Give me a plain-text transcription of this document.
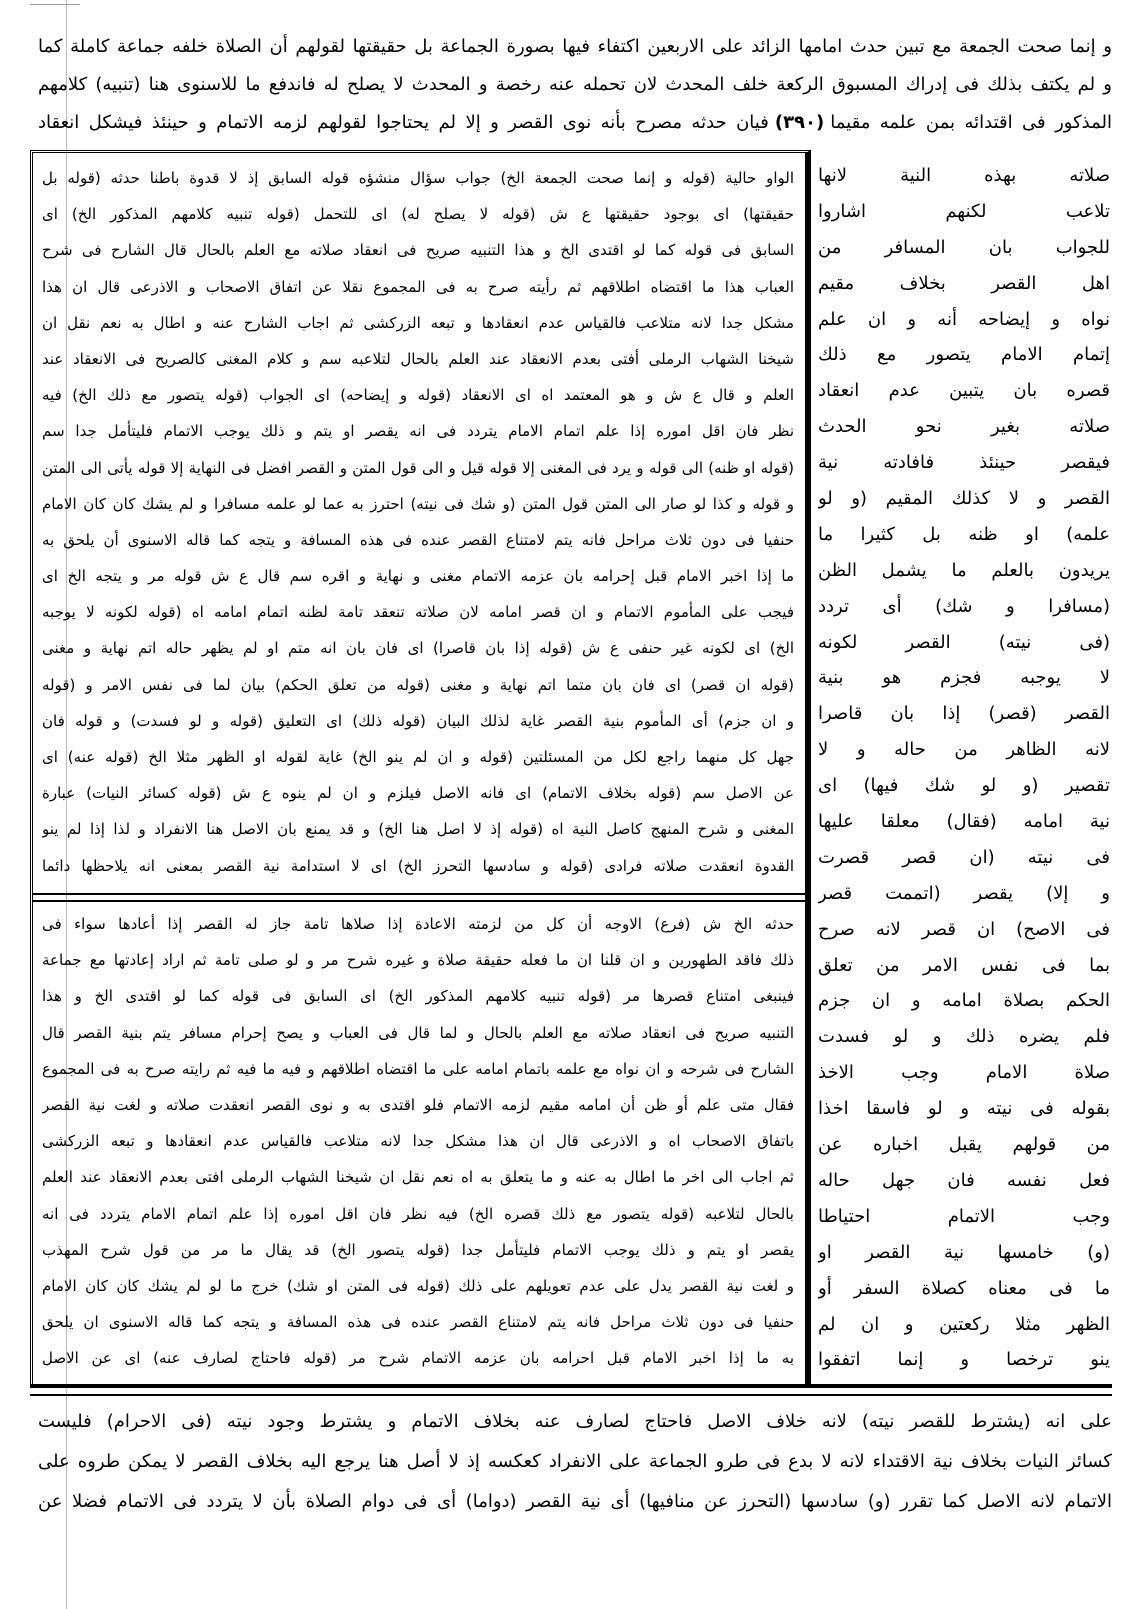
و إنما صحت الجمعة مع تبين حدث امامها الزائد على الاربعين اكتفاء فيها بصورة الجماعة بل حقيقتها لقولهم أن الصلاة خلفه جماعة كاملة كما
و لم يكتف بذلك فى إدراك المسبوق الركعة خلف المحدث لان تحمله عنه رخصة و المحدث لا يصلح له فاندفع ما للاسنوى هنا (تنبيه) كلامهم
المذكور فى اقتدائه بمن علمه مقيما(٣٩٠)فيان حدثه مصرح بأنه نوى القصر و إلا لم يحتاجوا لقولهم لزمه الاتمام و حينئذ فيشكل انعقاد
الواو حالية (قوله و إنما صحت الجمعة الخ) جواب سؤال منشؤه قوله السابق إذ لا قدوة باطنا حدثه (قوله بل
حقيقتها) اى بوجود حقيقتها ع ش (قوله لا يصلح له) اى للتحمل (قوله تنبيه كلامهم المذكور الخ) اى
السابق فى قوله كما لو اقتدى الخ و هذا التنبيه صريح فى انعقاد صلاته مع العلم بالحال قال الشارح فى شرح
العباب هذا ما اقتضاه اطلاقهم ثم رأيته صرح به فى المجموع نقلا عن اتفاق الاصحاب و الاذرعى قال ان هذا
مشكل جدا لانه متلاعب فالقياس عدم انعقادها و تبعه الزركشى ثم اجاب الشارح عنه و اطال به نعم نقل ان
شيخنا الشهاب الرملى أفتى بعدم الانعقاد عند العلم بالحال لتلاعبه سم و كلام المغنى كالصريح فى الانعقاد عند
العلم و قال ع ش و هو المعتمد اه اى الانعقاد (قوله و إيضاحه) اى الجواب (قوله يتصور مع ذلك الخ) فيه
نظر فان اقل اموره إذا علم اتمام الامام يتردد فى انه يقصر او يتم و ذلك يوجب الاتمام فليتأمل جدا سم
(قوله او ظنه) الى قوله و يرد فى المغنى إلا قوله قيل و الى قول المتن و القصر افضل فى النهاية إلا قوله يأتى الى المتن
و قوله و كذا لو صار الى المتن قول المتن (و شك فى نيته) احترز به عما لو علمه مسافرا و لم يشك كان كان الامام
حنفيا فى دون ثلاث مراحل فانه يتم لامتناع القصر عنده فى هذه المسافة و يتجه كما قاله الاسنوى أن يلحق به
ما إذا اخبر الامام قبل إحرامه بان عزمه الاتمام مغنى و نهاية و اقره سم قال ع ش قوله مر و يتجه الخ اى
فيجب على المأموم الاتمام و ان قصر امامه لان صلاته تنعقد تامة لظنه اتمام امامه اه (قوله لكونه لا يوجبه
الخ) اى لكونه غير حنفى ع ش (قوله إذا بان قاصرا) اى فان بان انه متم او لم يظهر حاله اتم نهاية و مغنى
(قوله ان قصر) اى فان بان متما اتم نهاية و مغنى (قوله من تعلق الحكم) بيان لما فى نفس الامر و (قوله
و ان جزم) أى المأموم بنية القصر غاية لذلك البيان (قوله ذلك) اى التعليق (قوله و لو فسدت) و قوله فان
جهل كل منهما راجع لكل من المسئلتين (قوله و ان لم ينو الخ) غاية لقوله او الظهر مثلا الخ (قوله عنه) اى
عن الاصل سم (قوله بخلاف الاتمام) اى فانه الاصل فيلزم و ان لم ينوه ع ش (قوله كسائر النيات) عبارة
المغنى و شرح المنهج كاصل النية اه (قوله إذ لا اصل هنا الخ) و قد يمنع بان الاصل هنا الانفراد و لذا إذا لم ينو
القدوة انعقدت صلاته فرادى (قوله و سادسها التحرز الخ) اى لا استدامة نية القصر بمعنى انه يلاحظها دائما
حدثه الخ ش (فرع) الاوجه أن كل من لزمته الاعادة إذا صلاها تامة جاز له القصر إذا أعادها سواء فى
ذلك فاقد الطهورين و ان قلنا ان ما فعله حقيقة صلاة و غيره شرح مر و لو صلى تامة ثم اراد إعادتها مع جماعة
فينبغى امتناع قصرها مر (قوله تنبيه كلامهم المذكور الخ) اى السابق فى قوله كما لو اقتدى الخ و هذا
التنبيه صريح فى انعقاد صلاته مع العلم بالحال و لما قال فى العباب و يصح إحرام مسافر يتم بنية القصر قال
الشارح فى شرحه و ان نواه مع علمه باتمام امامه على ما اقتضاه اطلاقهم و فيه ما فيه ثم رايته صرح به فى المجموع
فقال متى علم أو ظن أن امامه مقيم لزمه الاتمام فلو اقتدى به و نوى القصر انعقدت صلاته و لغت نية القصر
باتفاق الاصحاب اه و الاذرعى قال ان هذا مشكل جدا لانه متلاعب فالقياس عدم انعقادها و تبعه الزركشى
ثم اجاب الى اخر ما اطال به عنه و ما يتعلق به اه نعم نقل ان شيخنا الشهاب الرملى افتى بعدم الانعقاد عند العلم
بالحال لتلاعبه (قوله يتصور مع ذلك قصره الخ) فيه نظر فان اقل اموره إذا علم اتمام الامام يتردد فى انه
يقصر او يتم و ذلك يوجب الاتمام فليتأمل جدا (قوله يتصور الخ) قد يقال ما مر من قول شرح المهذب
و لغت نية القصر يدل على عدم تعويلهم على ذلك (قوله فى المتن او شك) خرج ما لو لم يشك كان كان الامام
حنفيا فى دون ثلاث مراحل فانه يتم لامتناع القصر عنده فى هذه المسافة و يتجه كما قاله الاسنوى ان يلحق
به ما إذا اخبر الامام قبل احرامه بان عزمه الاتمام شرح مر (قوله فاحتاج لصارف عنه) اى عن الاصل
صلاته بهذه النية لانها
تلاعب لكنهم اشاروا
للجواب بان المسافر من
اهل القصر بخلاف مقيم
نواه و إيضاحه أنه و ان علم
إتمام الامام يتصور مع ذلك
قصره بان يتبين عدم انعقاد
صلاته بغير نحو الحدث
فيقصر حينئذ فافادته نية
القصر و لا كذلك المقيم (و لو
علمه) او ظنه بل كثيرا ما
يريدون بالعلم ما يشمل الظن
(مسافرا و شك) أى تردد
(فى نيته) القصر لكونه
لا يوجبه فجزم هو بنية
القصر (قصر) إذا بان قاصرا
لانه الظاهر من حاله و لا
تقصير (و لو شك فيها) اى
نية امامه (فقال) معلقا عليها
فى نيته (ان قصر قصرت
و إلا) يقصر (اتممت قصر
فى الاصح) ان قصر لانه صرح
بما فى نفس الامر من تعلق
الحكم بصلاة امامه و ان جزم
فلم يضره ذلك و لو فسدت
صلاة الامام وجب الاخذ
بقوله فى نيته و لو فاسقا اخذا
من قولهم يقبل اخباره عن
فعل نفسه فان جهل حاله
وجب الاتمام احتياطا
(و) خامسها نية القصر او
ما فى معناه كصلاة السفر أو
الظهر مثلا ركعتين و ان لم
ينو ترخصا و إنما اتفقوا
على انه (يشترط للقصر نيته) لانه خلاف الاصل فاحتاج لصارف عنه بخلاف الاتمام و يشترط وجود نيته (فى الاحرام) فليست
كسائر النيات بخلاف نية الاقتداء لانه لا بدع فى طرو الجماعة على الانفراد كعكسه إذ لا أصل هنا يرجع اليه بخلاف القصر لا يمكن طروه على
الاتمام لانه الاصل كما تقرر (و) سادسها (التحرز عن منافيها) أى نية القصر (دواما) أى فى دوام الصلاة بأن لا يتردد فى الاتمام فضلا عن
